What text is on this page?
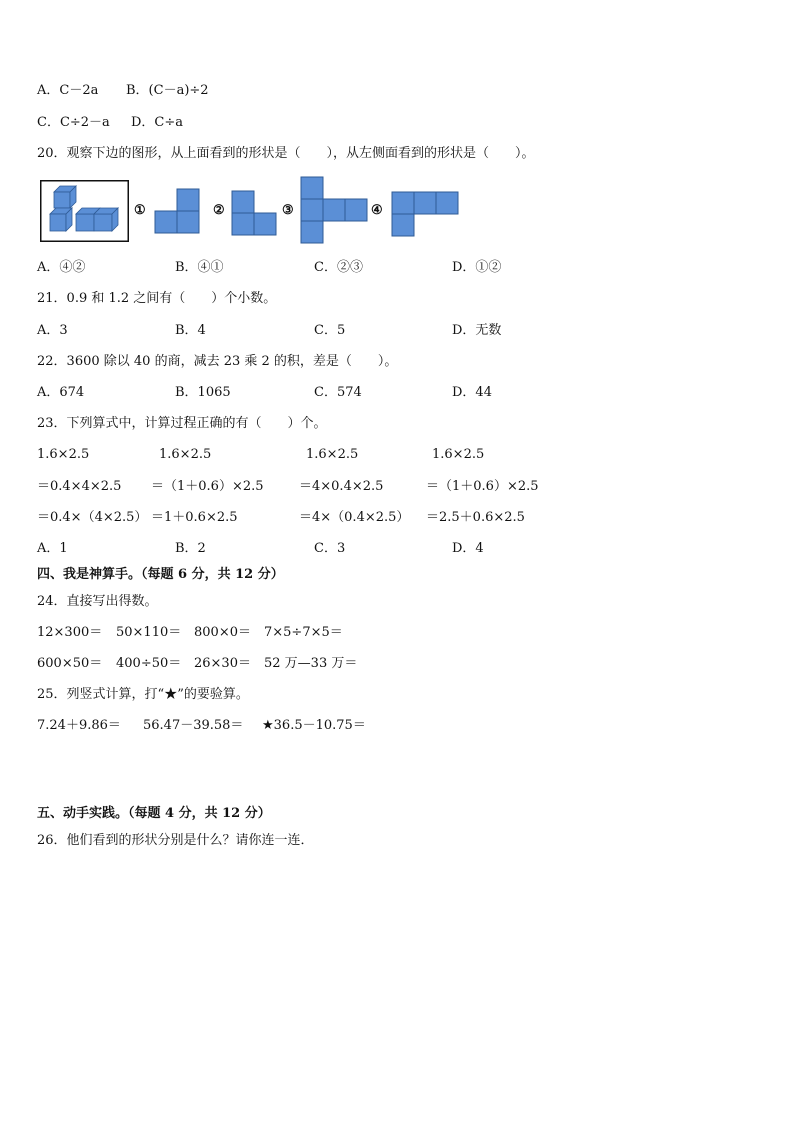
A．C－2a B．(C－a)÷2
C．C÷2－a D．C÷a
20．观察下边的图形，从上面看到的形状是（　　），从左侧面看到的形状是（　　）。
①	②	③	④
A．④②	B．④①	C．②③	D．①②
21．0.9 和 1.2 之间有（　　）个小数。
A．3	B．4	C．5	D．无数
22．3600 除以 40 的商，减去 23 乘 2 的积，差是（　　）。
A．674	B．1065	C．574	D．44
23．下列算式中，计算过程正确的有（　　）个。
1.6×2.5	1.6×2.5	1.6×2.5	1.6×2.5
＝0.4×4×2.5 ＝（1＋0.6）×2.5	＝4×0.4×2.5	＝（1＋0.6）×2.5
＝0.4×（4×2.5） ＝1＋0.6×2.5	＝4×（0.4×2.5） ＝2.5＋0.6×2.5
A．1	B．2	C．3	D．4
四、我是神算手。（每题 6 分，共 12 分）
24．直接写出得数。
12×300＝ 50×110＝ 800×0＝ 7×5÷7×5＝
600×50＝ 400÷50＝ 26×30＝ 52 万—33 万＝
25．列竖式计算，打“★”的要验算。
7.24＋9.86＝ 56.47－39.58＝ ★36.5－10.75＝
五、动手实践。（每题 4 分，共 12 分）
26．他们看到的形状分别是什么？请你连一连．
